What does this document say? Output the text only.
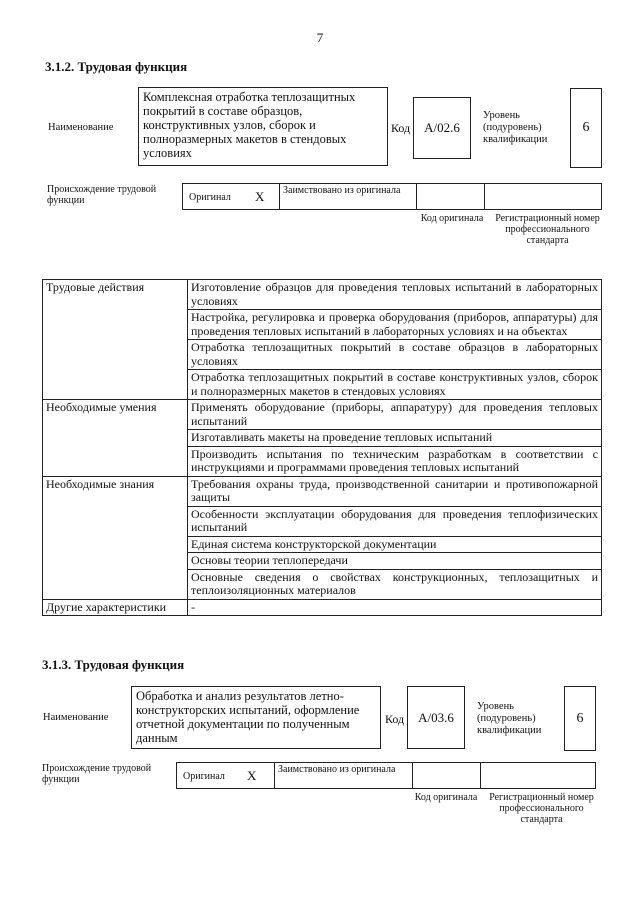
7
3.1.2. Трудовая функция
Наименование
Комплексная отработка теплозащитных покрытий в составе образцов, конструктивных узлов, сборок и полноразмерных макетов в стендовых условиях
Код	А/02.6
Уровень (подуровень) квалификации
6
Происхождение трудовой функции	Оригинал X	Заимствовано из оригинала
Код оригинала Регистрационный номер профессионального стандарта
Трудовые действия	Изготовление образцов для проведения тепловых испытаний в лабораторных условиях
	Настройка, регулировка и проверка оборудования (приборов, аппаратуры) для проведения тепловых испытаний в лабораторных условиях и на объектах
	Отработка теплозащитных покрытий в составе образцов в лабораторных условиях
	Отработка теплозащитных покрытий в составе конструктивных узлов, сборок и полноразмерных макетов в стендовых условиях
Необходимые умения	Применять оборудование (приборы, аппаратуру) для проведения тепловых испытаний
	Изготавливать макеты на проведение тепловых испытаний
	Производить испытания по техническим разработкам в соответствии с инструкциями и программами проведения тепловых испытаний
Необходимые знания	Требования охраны труда, производственной санитарии и противопожарной защиты
	Особенности эксплуатации оборудования для проведения теплофизических испытаний
	Единая система конструкторской документации
	Основы теории теплопередачи
	Основные сведения о свойствах конструкционных, теплозащитных и теплоизоляционных материалов
Другие характеристики	-
3.1.3. Трудовая функция
Наименование
Обработка и анализ результатов летно-конструкторских испытаний, оформление отчетной документации по полученным данным
Код	А/03.6
Уровень (подуровень) квалификации
6
Происхождение трудовой функции	Оригинал X	Заимствовано из оригинала
Код оригинала Регистрационный номер профессионального стандарта
